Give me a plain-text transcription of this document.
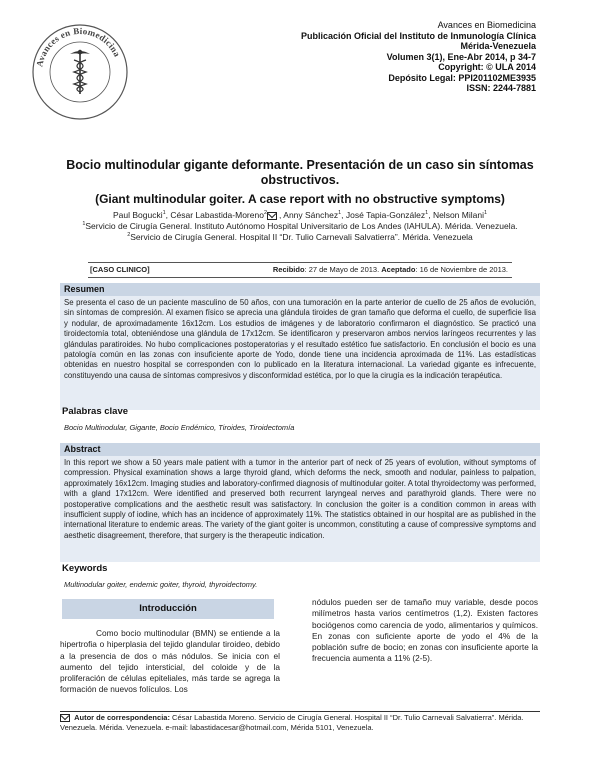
Avances en Biomedicina
Avances en Biomedicina
Publicación Oficial del Instituto de Inmunología Clínica
Mérida-Venezuela
Volumen 3(1), Ene-Abr 2014, p 34-7
Copyright: © ULA 2014
Depósito Legal: PPI201102ME3935
ISSN: 2244-7881
Bocio multinodular gigante deformante. Presentación de un caso sin síntomas
obstructivos.
(Giant multinodular goiter. A case report with no obstructive symptoms)
Paul Bogucki$^1$, César Labastida-Moreno$^2$ , Anny Sánchez$^1$, José Tapia-González$^1$, Nelson Milani$^1$
$^1$Servicio de Cirugía General. Instituto Autónomo Hospital Universitario de Los Andes (IAHULA). Mérida. Venezuela.
$^2$Servicio de Cirugía General. Hospital II “Dr. Tulio Carnevali Salvatierra”. Mérida. Venezuela
[CASO CLINICO]	Recibido: 27 de Mayo de 2013. Aceptado: 16 de Noviembre de 2013.
Resumen
Se presenta el caso de un paciente masculino de 50 años, con una tumoración en la parte anterior de cuello de 25 años de evolución, sin síntomas de compresión. Al examen físico se aprecia una glándula tiroides de gran tamaño que deforma el cuello, de superficie lisa y nodular, de aproximadamente 16x12cm. Los estudios de imágenes y de laboratorio confirmaron el diagnóstico. Se practicó una tiroidectomía total, obteniéndose una glándula de 17x12cm. Se identificaron y preservaron ambos nervios laríngeos recurrentes y las glándulas paratiroides. No hubo complicaciones postoperatorias y el resultado estético fue satisfactorio. En conclusión el bocio es una patología común en las zonas con insuficiente aporte de Yodo, donde tiene una incidencia aproximada de 11%. Las estadísticas obtenidas en nuestro hospital se corresponden con lo publicado en la literatura internacional. La variedad gigante es infrecuente, constituyendo una causa de síntomas compresivos y disconformidad estética, por lo que la cirugía es la indicación terapéutica.
Palabras clave
Bocio Multinodular, Gigante, Bocio Endémico, Tiroides, Tiroidectomía
Abstract
In this report we show a 50 years male patient with a tumor in the anterior part of neck of 25 years of evolution, without symptoms of compression. Physical examination shows a large thyroid gland, which deforms the neck, smooth and nodular, painless to palpation, approximately 16x12cm. Imaging studies and laboratory-confirmed diagnosis of multinodular goiter. A total thyroidectomy was performed, with a gland 17x12cm. Were identified and preserved both recurrent laryngeal nerves and parathyroid glands. There were no postoperative complications and the aesthetic result was satisfactory. In conclusion the goiter is a condition common in areas with insufficient supply of iodine, which has an incidence of approximately 11%. The statistics obtained in our hospital are as published in the international literature to endemic areas. The variety of the giant goiter is uncommon, constituting a cause of compressive symptoms and aesthetic disagreement, therefore, that surgery is the therapeutic indication.
Keywords
Multinodular goiter, endemic goiter, thyroid, thyroidectomy.
Introducción

Como bocio multinodular (BMN) se entiende a la hipertrofia o hiperplasia del tejido glandular tiroideo, debido a la presencia de dos o más nódulos. Se inicia con el aumento del tejido intersticial, del coloide y de la proliferación de células epiteliales, más tarde se agrega la formación de nuevos folículos. Los

nódulos pueden ser de tamaño muy variable, desde pocos milímetros hasta varios centímetros (1,2). Existen factores bociógenos como carencia de yodo, alimentarios y químicos. En zonas con suficiente aporte de yodo el 4% de la población sufre de bocio; en zonas con insuficiente aporte la frecuencia aumenta a 11% (2-5).

Autor de correspondencia: César Labastida Moreno. Servicio de Cirugía General. Hospital II “Dr. Tulio Carnevali Salvatierra”. Mérida. Venezuela. Mérida. Venezuela. e-mail: labastidacesar@hotmail.com, Mérida 5101, Venezuela.
